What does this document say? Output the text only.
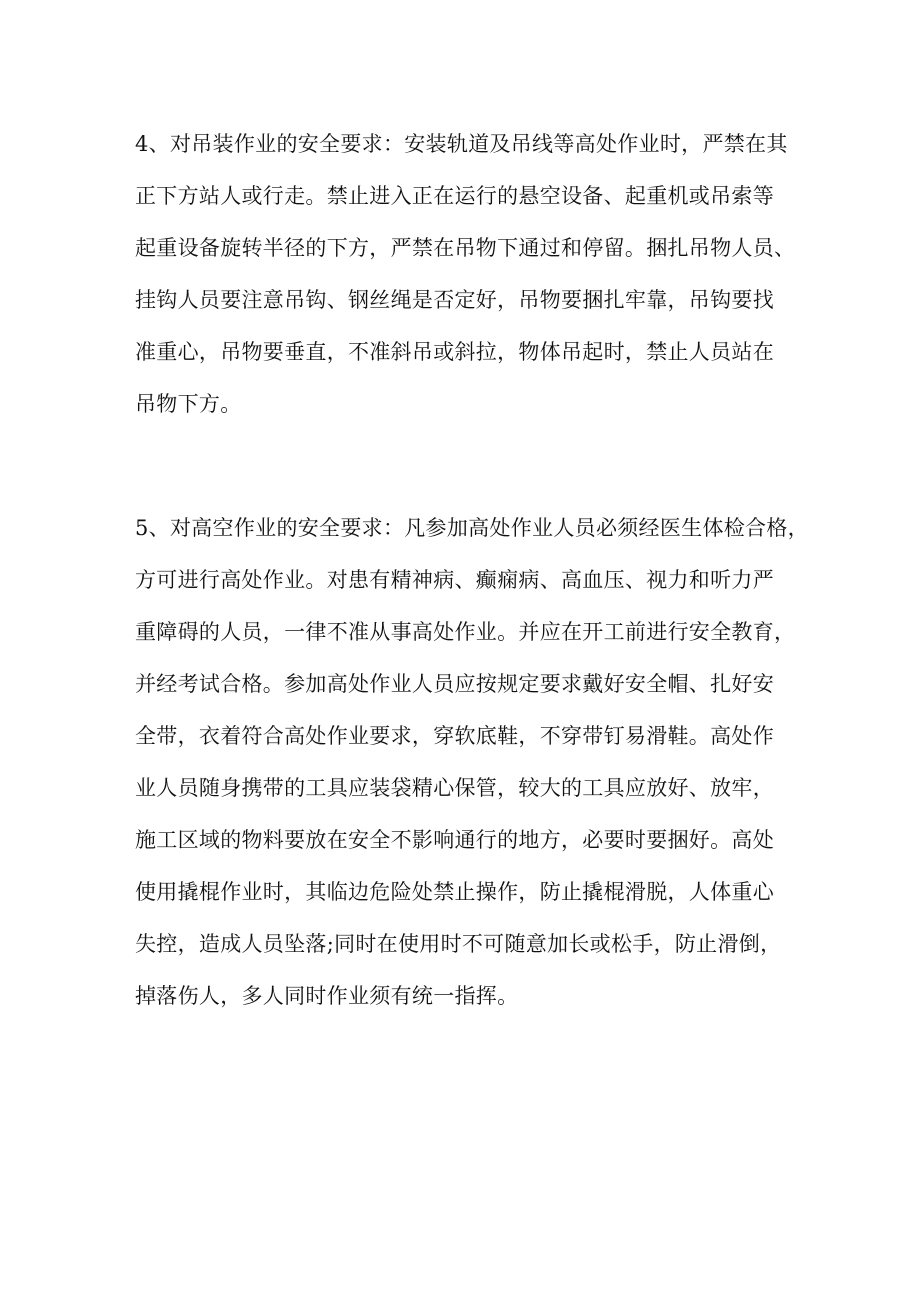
4、对吊装作业的安全要求：安装轨道及吊线等高处作业时，严禁在其
正下方站人或行走。禁止进入正在运行的悬空设备、起重机或吊索等
起重设备旋转半径的下方，严禁在吊物下通过和停留。捆扎吊物人员、
挂钩人员要注意吊钩、钢丝绳是否定好，吊物要捆扎牢靠，吊钩要找
准重心，吊物要垂直，不准斜吊或斜拉，物体吊起时，禁止人员站在
吊物下方。
5、对高空作业的安全要求：凡参加高处作业人员必须经医生体检合格，
方可进行高处作业。对患有精神病、癫痫病、高血压、视力和听力严
重障碍的人员，一律不准从事高处作业。并应在开工前进行安全教育，
并经考试合格。参加高处作业人员应按规定要求戴好安全帽、扎好安
全带，衣着符合高处作业要求，穿软底鞋，不穿带钉易滑鞋。高处作
业人员随身携带的工具应装袋精心保管，较大的工具应放好、放牢，
施工区域的物料要放在安全不影响通行的地方，必要时要捆好。高处
使用撬棍作业时，其临边危险处禁止操作，防止撬棍滑脱，人体重心
失控，造成人员坠落;同时在使用时不可随意加长或松手，防止滑倒，
掉落伤人，多人同时作业须有统一指挥。
